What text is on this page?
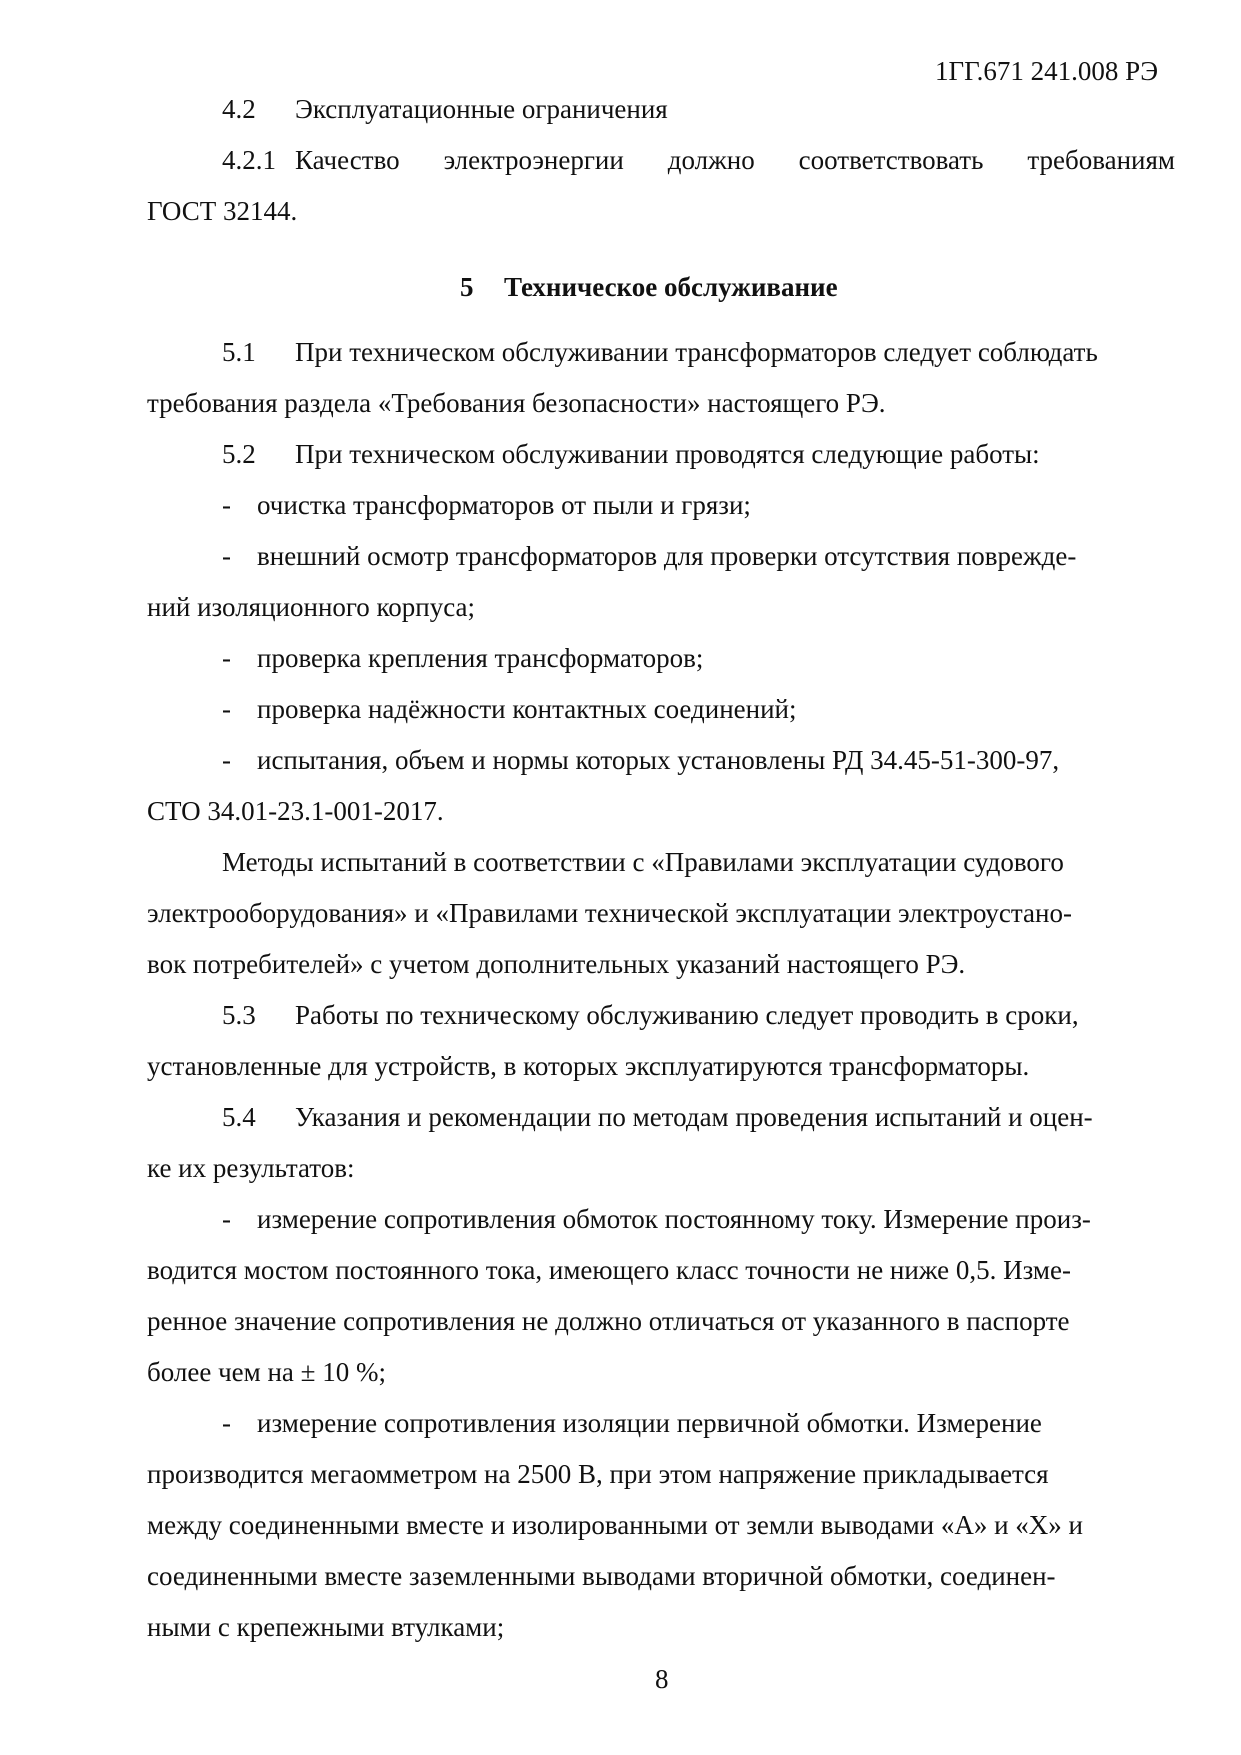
1ГГ.671 241.008 РЭ
4.2 Эксплуатационные ограничения
4.2.1 Качество электроэнергии должно соответствовать требованиям
ГОСТ 32144.
5 Техническое обслуживание
5.1 При техническом обслуживании трансформаторов следует соблюдать
требования раздела «Требования безопасности» настоящего РЭ.
5.2 При техническом обслуживании проводятся следующие работы:
- очистка трансформаторов от пыли и грязи;
- внешний осмотр трансформаторов для проверки отсутствия поврежде-
ний изоляционного корпуса;
- проверка крепления трансформаторов;
- проверка надёжности контактных соединений;
- испытания, объем и нормы которых установлены РД 34.45-51-300-97,
СТО 34.01-23.1-001-2017.
Методы испытаний в соответствии с «Правилами эксплуатации судового
электрооборудования» и «Правилами технической эксплуатации электроустано-
вок потребителей» с учетом дополнительных указаний настоящего РЭ.
5.3 Работы по техническому обслуживанию следует проводить в сроки,
установленные для устройств, в которых эксплуатируются трансформаторы.
5.4 Указания и рекомендации по методам проведения испытаний и оцен-
ке их результатов:
- измерение сопротивления обмоток постоянному току. Измерение произ-
водится мостом постоянного тока, имеющего класс точности не ниже 0,5. Изме-
ренное значение сопротивления не должно отличаться от указанного в паспорте
более чем на ± 10 %;
- измерение сопротивления изоляции первичной обмотки. Измерение
производится мегаомметром на 2500 В, при этом напряжение прикладывается
между соединенными вместе и изолированными от земли выводами «А» и «Х» и
соединенными вместе заземленными выводами вторичной обмотки, соединен-
ными с крепежными втулками;
8
